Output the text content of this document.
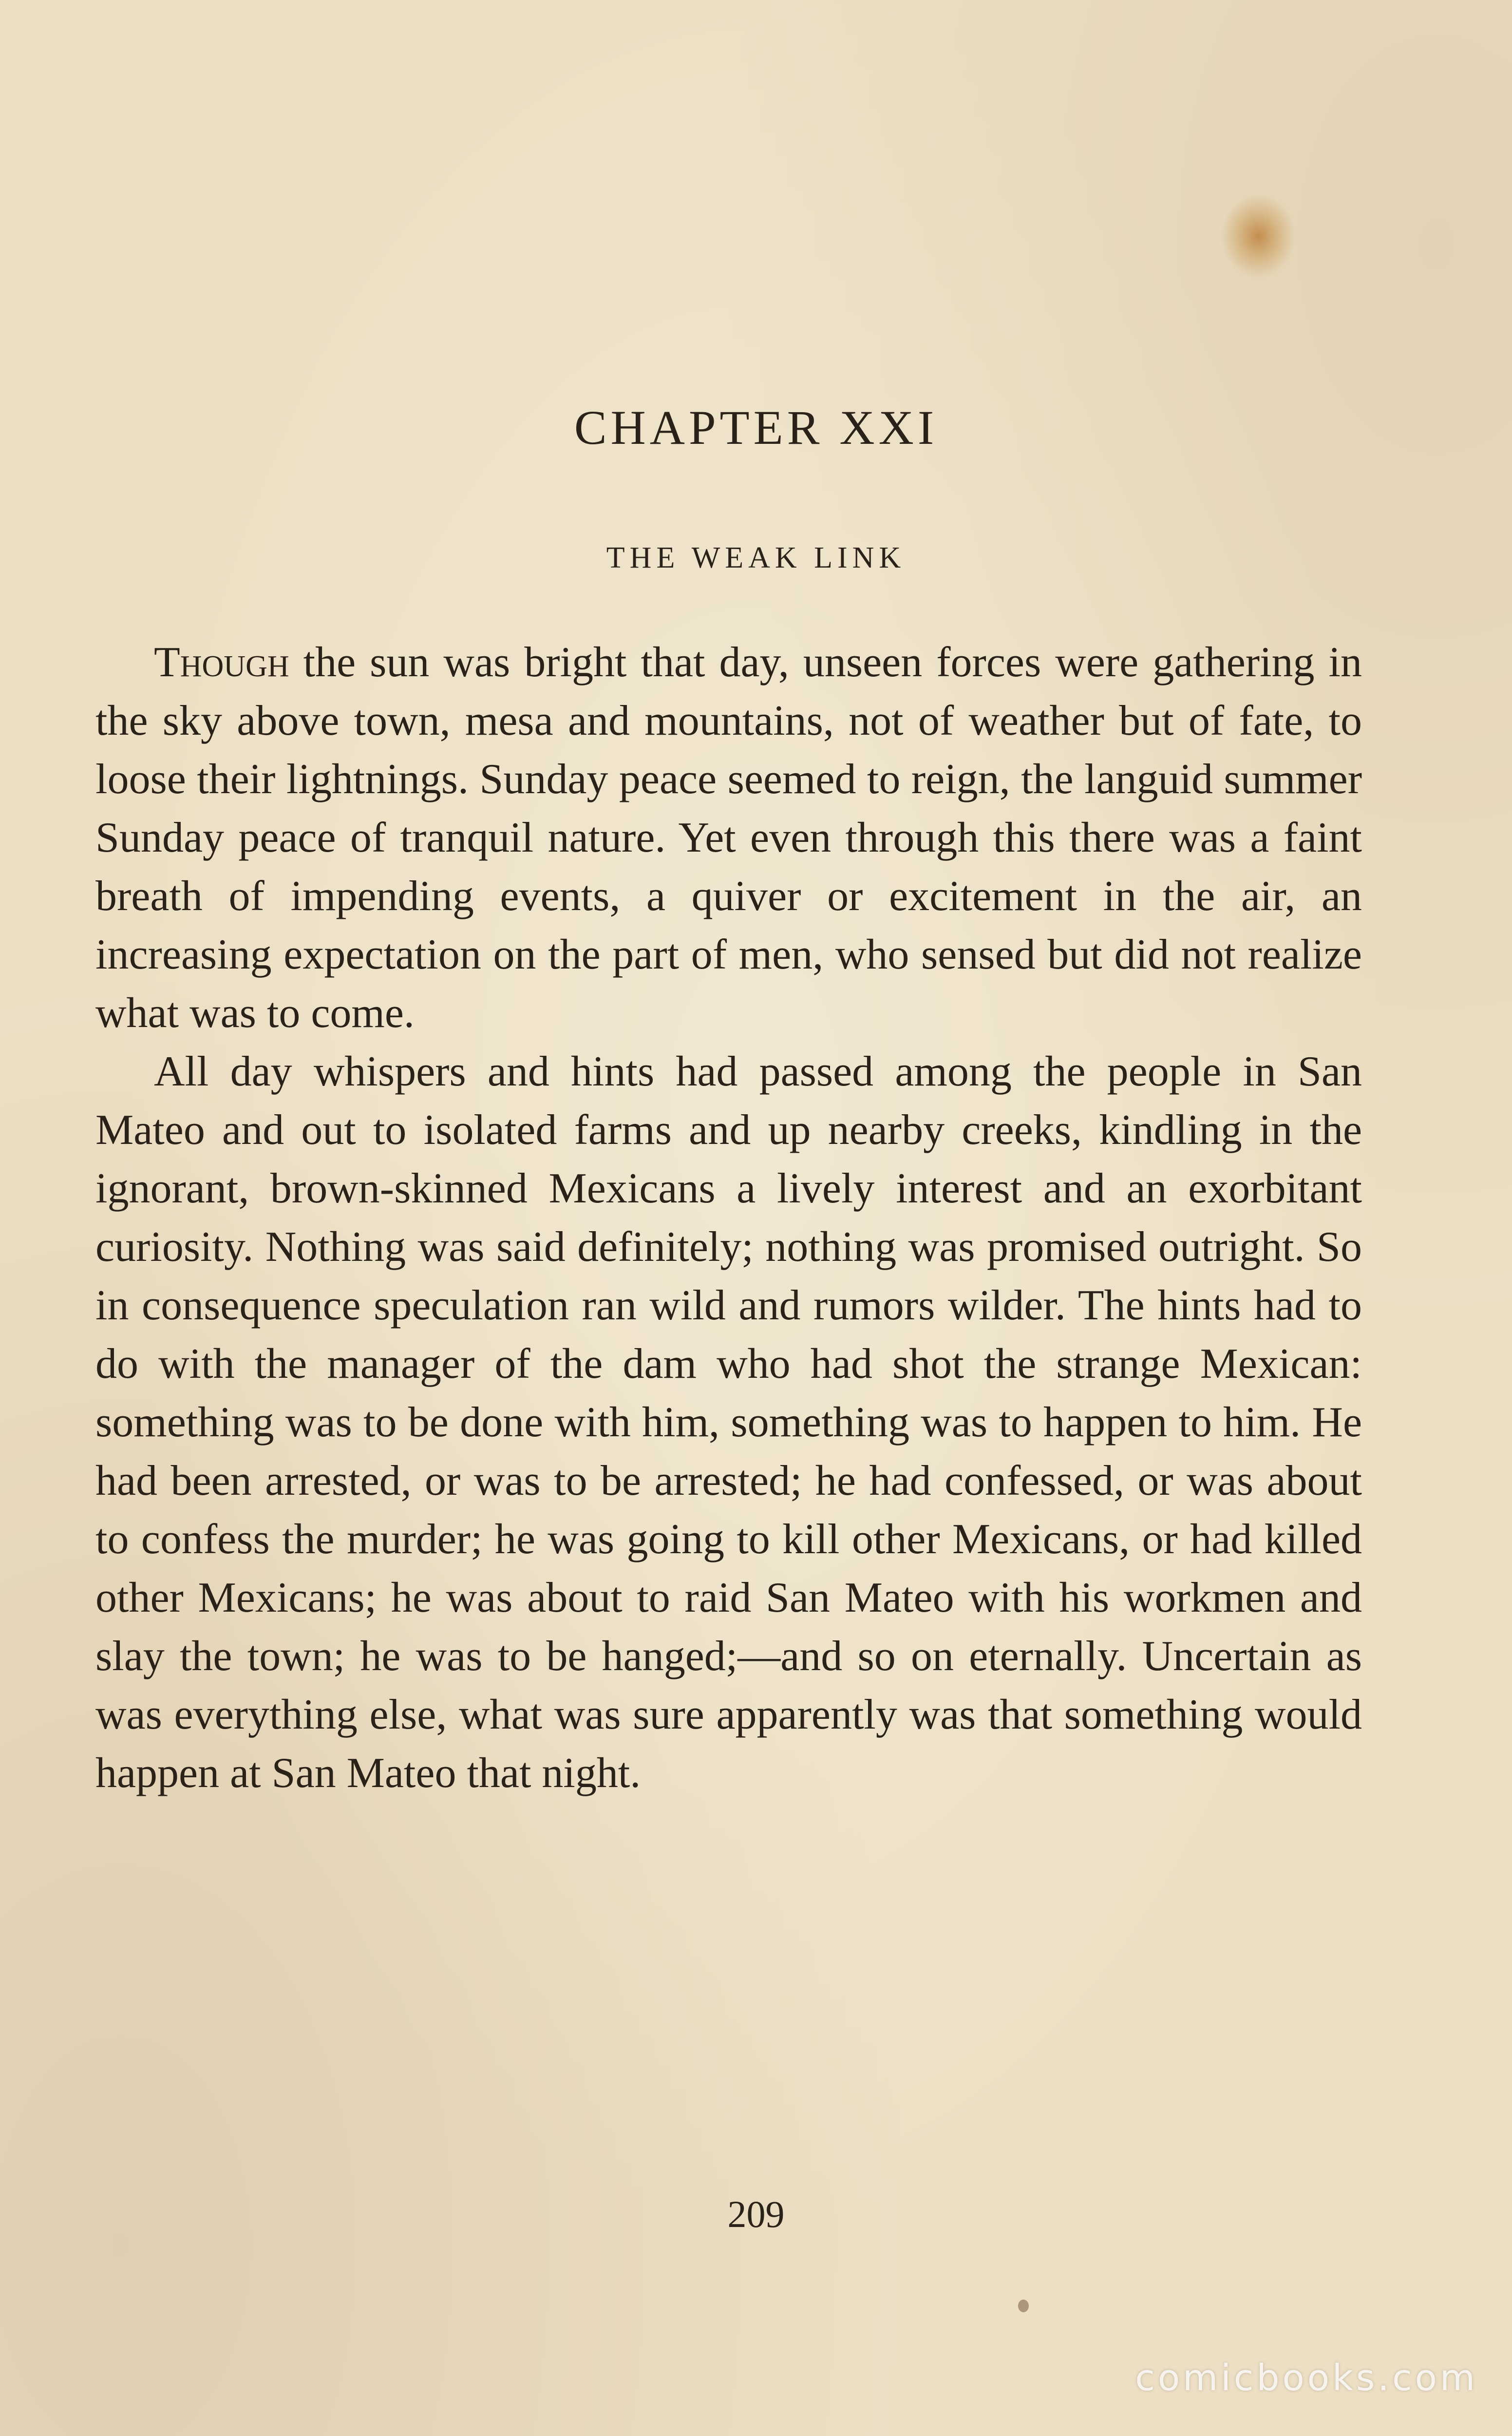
CHAPTER XXI
THE WEAK LINK

Though the sun was bright that day, unseen forces were gathering in the sky above town, mesa and mountains, not of weather but of fate, to loose their lightnings. Sunday peace seemed to reign, the languid summer Sunday peace of tranquil nature. Yet even through this there was a faint breath of impending events, a quiver or excitement in the air, an increasing expectation on the part of men, who sensed but did not realize what was to come.

All day whispers and hints had passed among the people in San Mateo and out to isolated farms and up nearby creeks, kindling in the ignorant, brown-skinned Mexicans a lively interest and an exorbitant curiosity. Nothing was said definitely; nothing was promised outright. So in consequence speculation ran wild and rumors wilder. The hints had to do with the manager of the dam who had shot the strange Mexican: something was to be done with him, something was to happen to him. He had been arrested, or was to be arrested; he had confessed, or was about to confess the murder; he was going to kill other Mexicans, or had killed other Mexicans; he was about to raid San Mateo with his workmen and slay the town; he was to be hanged;—and so on eternally. Uncertain as was everything else, what was sure apparently was that something would happen at San Mateo that night.

209
comicbooks.com
